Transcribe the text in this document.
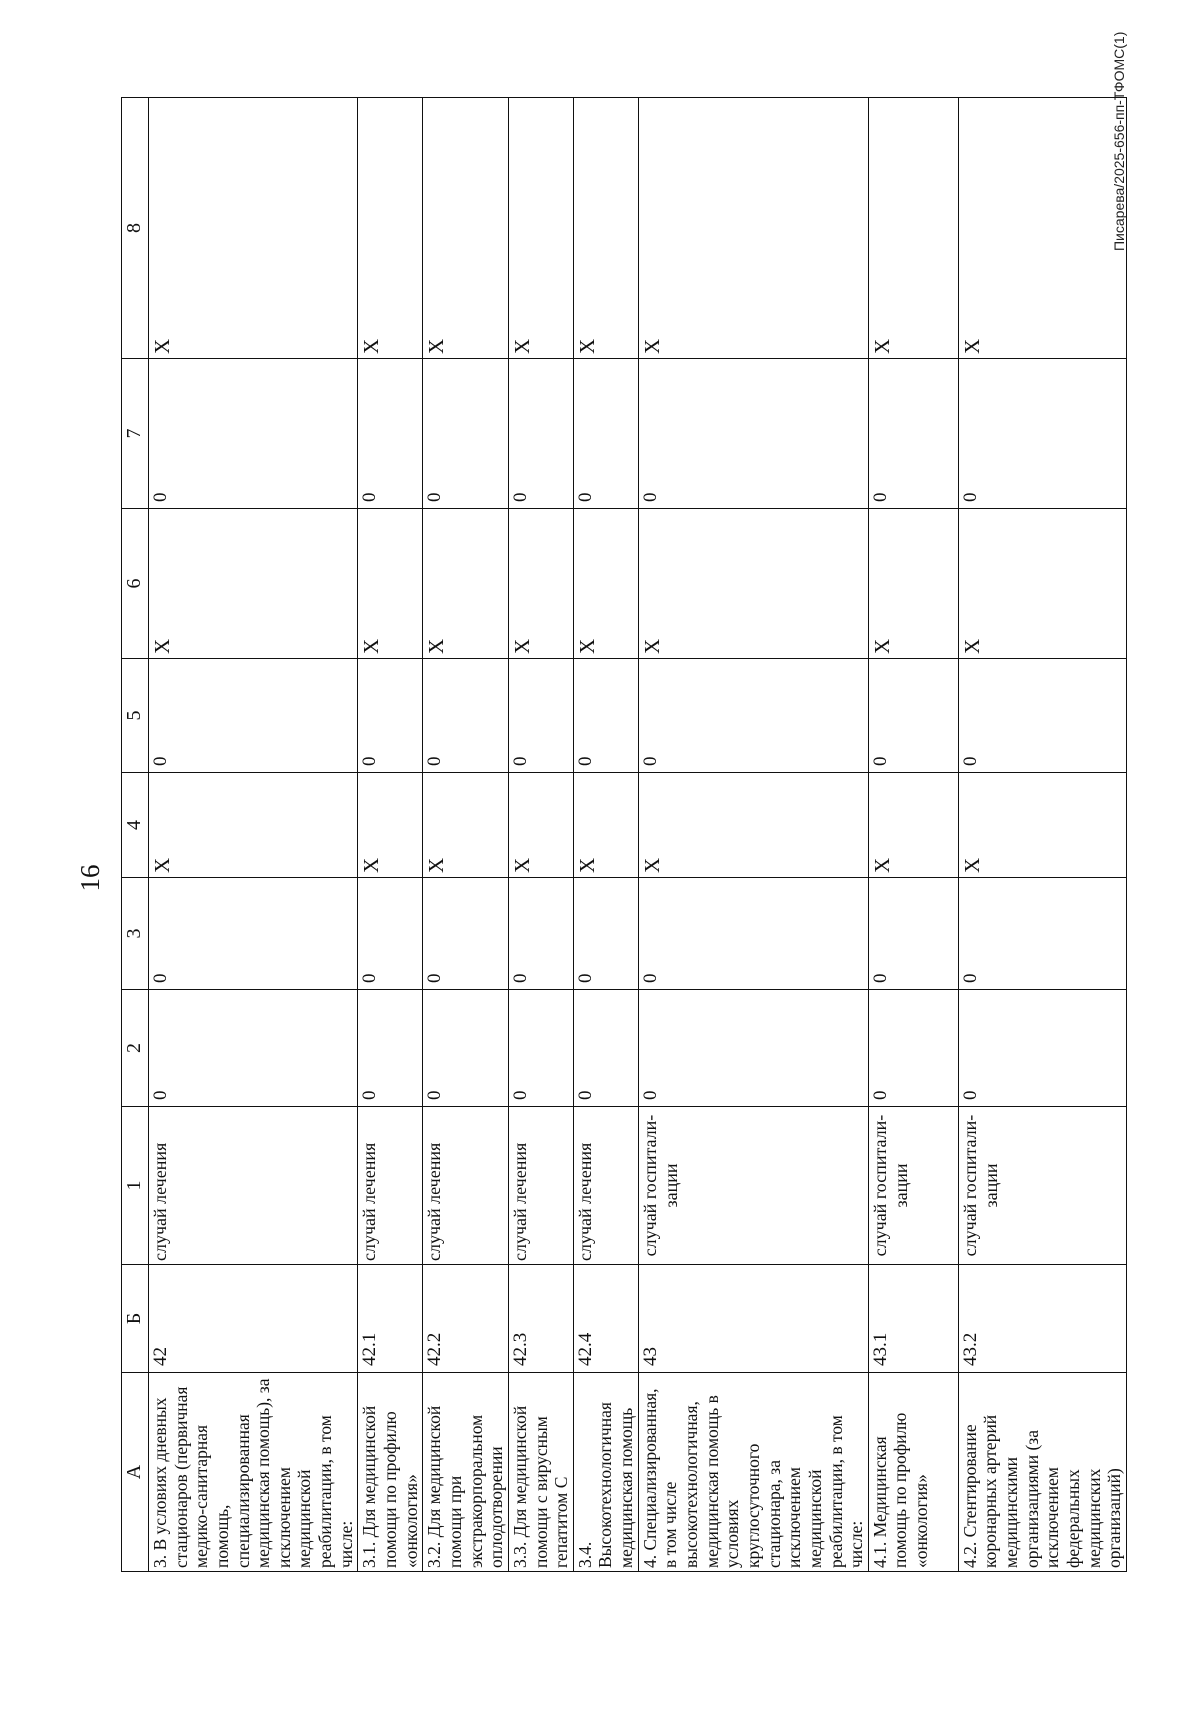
16
Писарева/2025-656-пп-ТФОМС(1)
А	Б	1	2	3	4	5	6	7	8
3. В условиях дневных стационаров (первичная медико-санитарная помощь, специализированная медицинская помощь), за исключением медицинской реабилитации, в том числе:	42	случай лечения	0	0	X	0	X	0	X
3.1. Для медицинской помощи по профилю «онкология»	42.1	случай лечения	0	0	X	0	X	0	X
3.2. Для медицинской помощи при экстракорпоральном оплодотворении	42.2	случай лечения	0	0	X	0	X	0	X
3.3. Для медицинской помощи с вирусным гепатитом С	42.3	случай лечения	0	0	X	0	X	0	X
3.4. Высокотехнологичная медицинская помощь	42.4	случай лечения	0	0	X	0	X	0	X
4. Специализированная, в том числе высокотехнологичная, медицинская помощь в условиях круглосуточного стационара, за исключением медицинской реабилитации, в том числе:	43	случай госпитали- зации	0	0	X	0	X	0	X
4.1. Медицинская помощь по профилю «онкология»	43.1	случай госпитали- зации	0	0	X	0	X	0	X
4.2. Стентирование коронарных артерий медицинскими организациями (за исключением федеральных медицинских организаций)	43.2	случай госпитали- зации	0	0	X	0	X	0	X
